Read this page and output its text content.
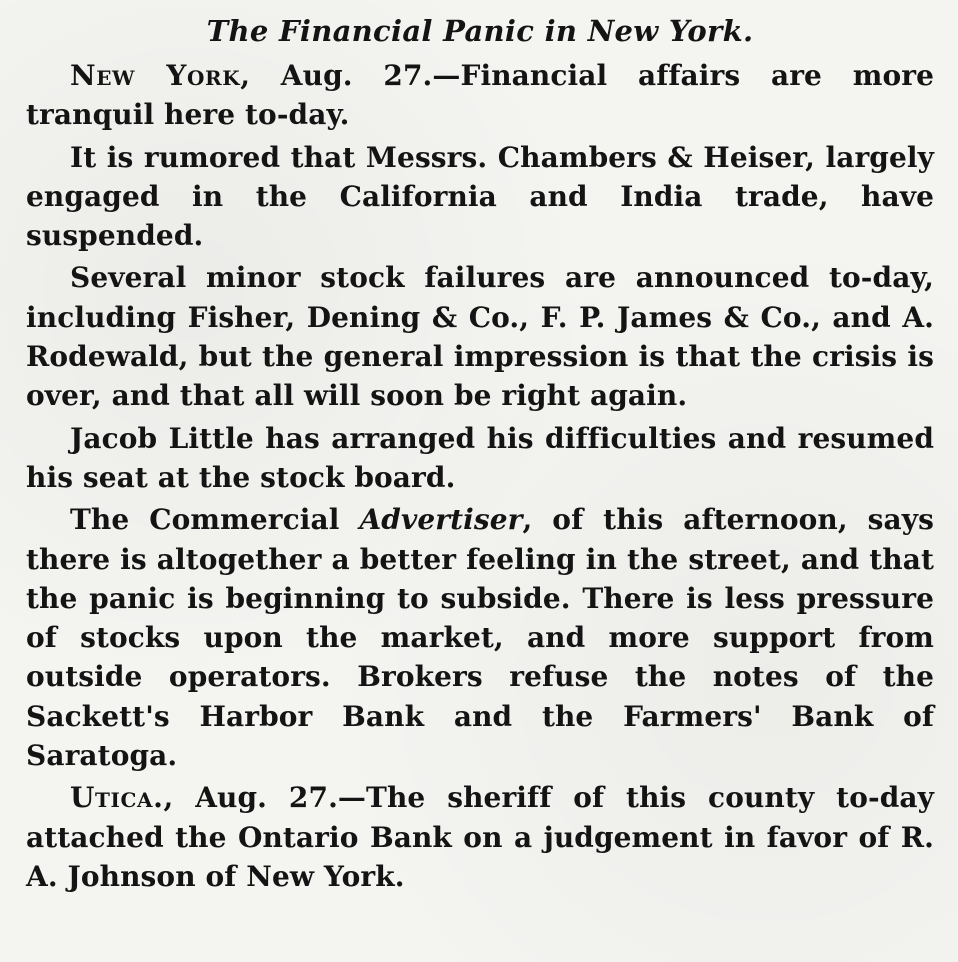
The Financial Panic in New York.

New York, Aug. 27.—Financial affairs are more tranquil here to-day.

It is rumored that Messrs. Chambers & Heiser, largely engaged in the California and India trade, have suspended.

Several minor stock failures are announced to-day, including Fisher, Dening & Co., F. P. James & Co., and A. Rodewald, but the general impression is that the crisis is over, and that all will soon be right again.

Jacob Little has arranged his difficulties and resumed his seat at the stock board.

The Commercial Advertiser, of this afternoon, says there is altogether a better feeling in the street, and that the panic is beginning to subside. There is less pressure of stocks upon the market, and more support from outside operators. Brokers refuse the notes of the Sackett's Harbor Bank and the Farmers' Bank of Saratoga.

Utica., Aug. 27.—The sheriff of this county to-day attached the Ontario Bank on a judgement in favor of R. A. Johnson of New York.
